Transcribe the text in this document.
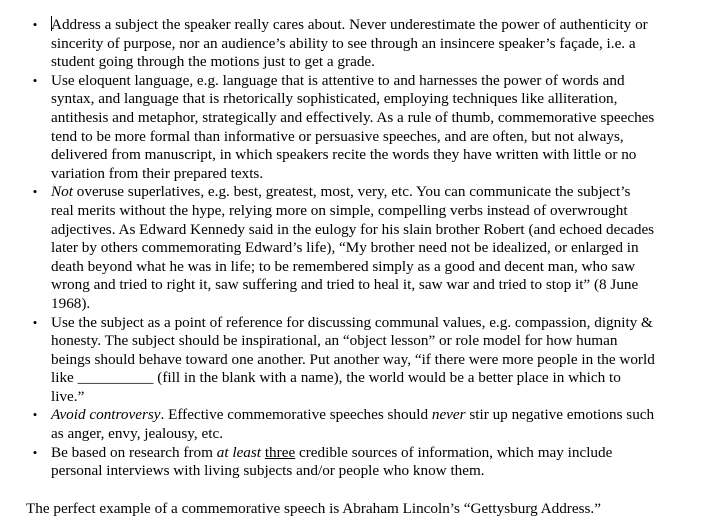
• Address a subject the speaker really cares about. Never underestimate the power of authenticity or sincerity of purpose, nor an audience’s ability to see through an insincere speaker’s façade, i.e. a student going through the motions just to get a grade.
• Use eloquent language, e.g. language that is attentive to and harnesses the power of words and syntax, and language that is rhetorically sophisticated, employing techniques like alliteration, antithesis and metaphor, strategically and effectively. As a rule of thumb, commemorative speeches tend to be more formal than informative or persuasive speeches, and are often, but not always, delivered from manuscript, in which speakers recite the words they have written with little or no variation from their prepared texts.
• Not overuse superlatives, e.g. best, greatest, most, very, etc. You can communicate the subject’s real merits without the hype, relying more on simple, compelling verbs instead of overwrought adjectives. As Edward Kennedy said in the eulogy for his slain brother Robert (and echoed decades later by others commemorating Edward’s life), “My brother need not be idealized, or enlarged in death beyond what he was in life; to be remembered simply as a good and decent man, who saw wrong and tried to right it, saw suffering and tried to heal it, saw war and tried to stop it” (8 June 1968).
• Use the subject as a point of reference for discussing communal values, e.g. compassion, dignity & honesty. The subject should be inspirational, an “object lesson” or role model for how human beings should behave toward one another. Put another way, “if there were more people in the world like __________ (fill in the blank with a name), the world would be a better place in which to live.”
• Avoid controversy. Effective commemorative speeches should never stir up negative emotions such as anger, envy, jealousy, etc.
• Be based on research from at least three credible sources of information, which may include personal interviews with living subjects and/or people who know them.
The perfect example of a commemorative speech is Abraham Lincoln’s “Gettysburg Address.”
